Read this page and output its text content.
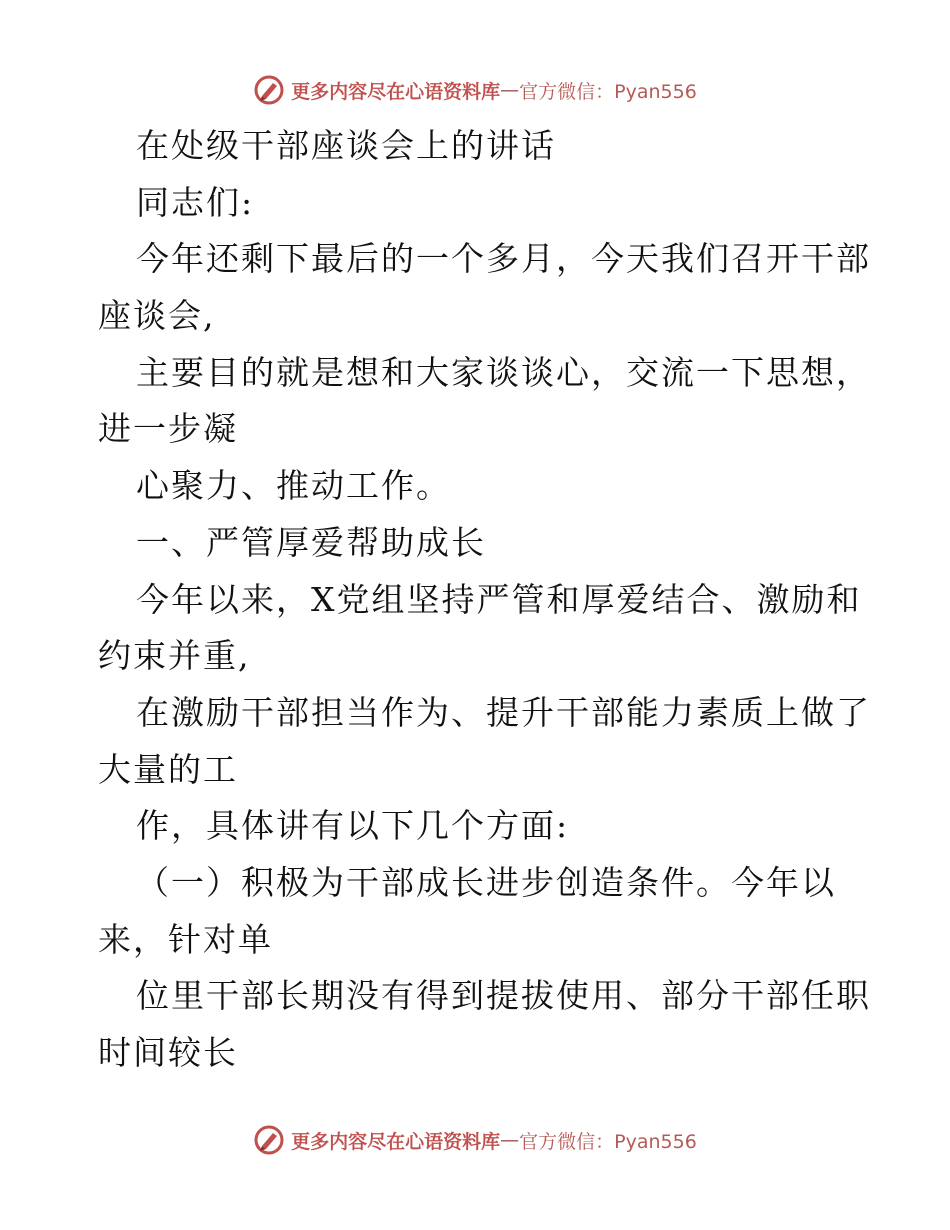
更多内容尽在心语资料库 — 官方微信：Pyan556
在处级干部座谈会上的讲话
同志们:
今年还剩下最后的一个多月，今天我们召开干部
座谈会,
主要目的就是想和大家谈谈心，交流一下思想，
进一步凝
心聚力、推动工作。
一、严管厚爱帮助成长
今年以来，X党组坚持严管和厚爱结合、激励和
约束并重,
在激励干部担当作为、提升干部能力素质上做了
大量的工
作，具体讲有以下几个方面:
（一）积极为干部成长进步创造条件。今年以
来，针对单
位里干部长期没有得到提拔使用、部分干部任职
时间较长
更多内容尽在心语资料库 — 官方微信：Pyan556
